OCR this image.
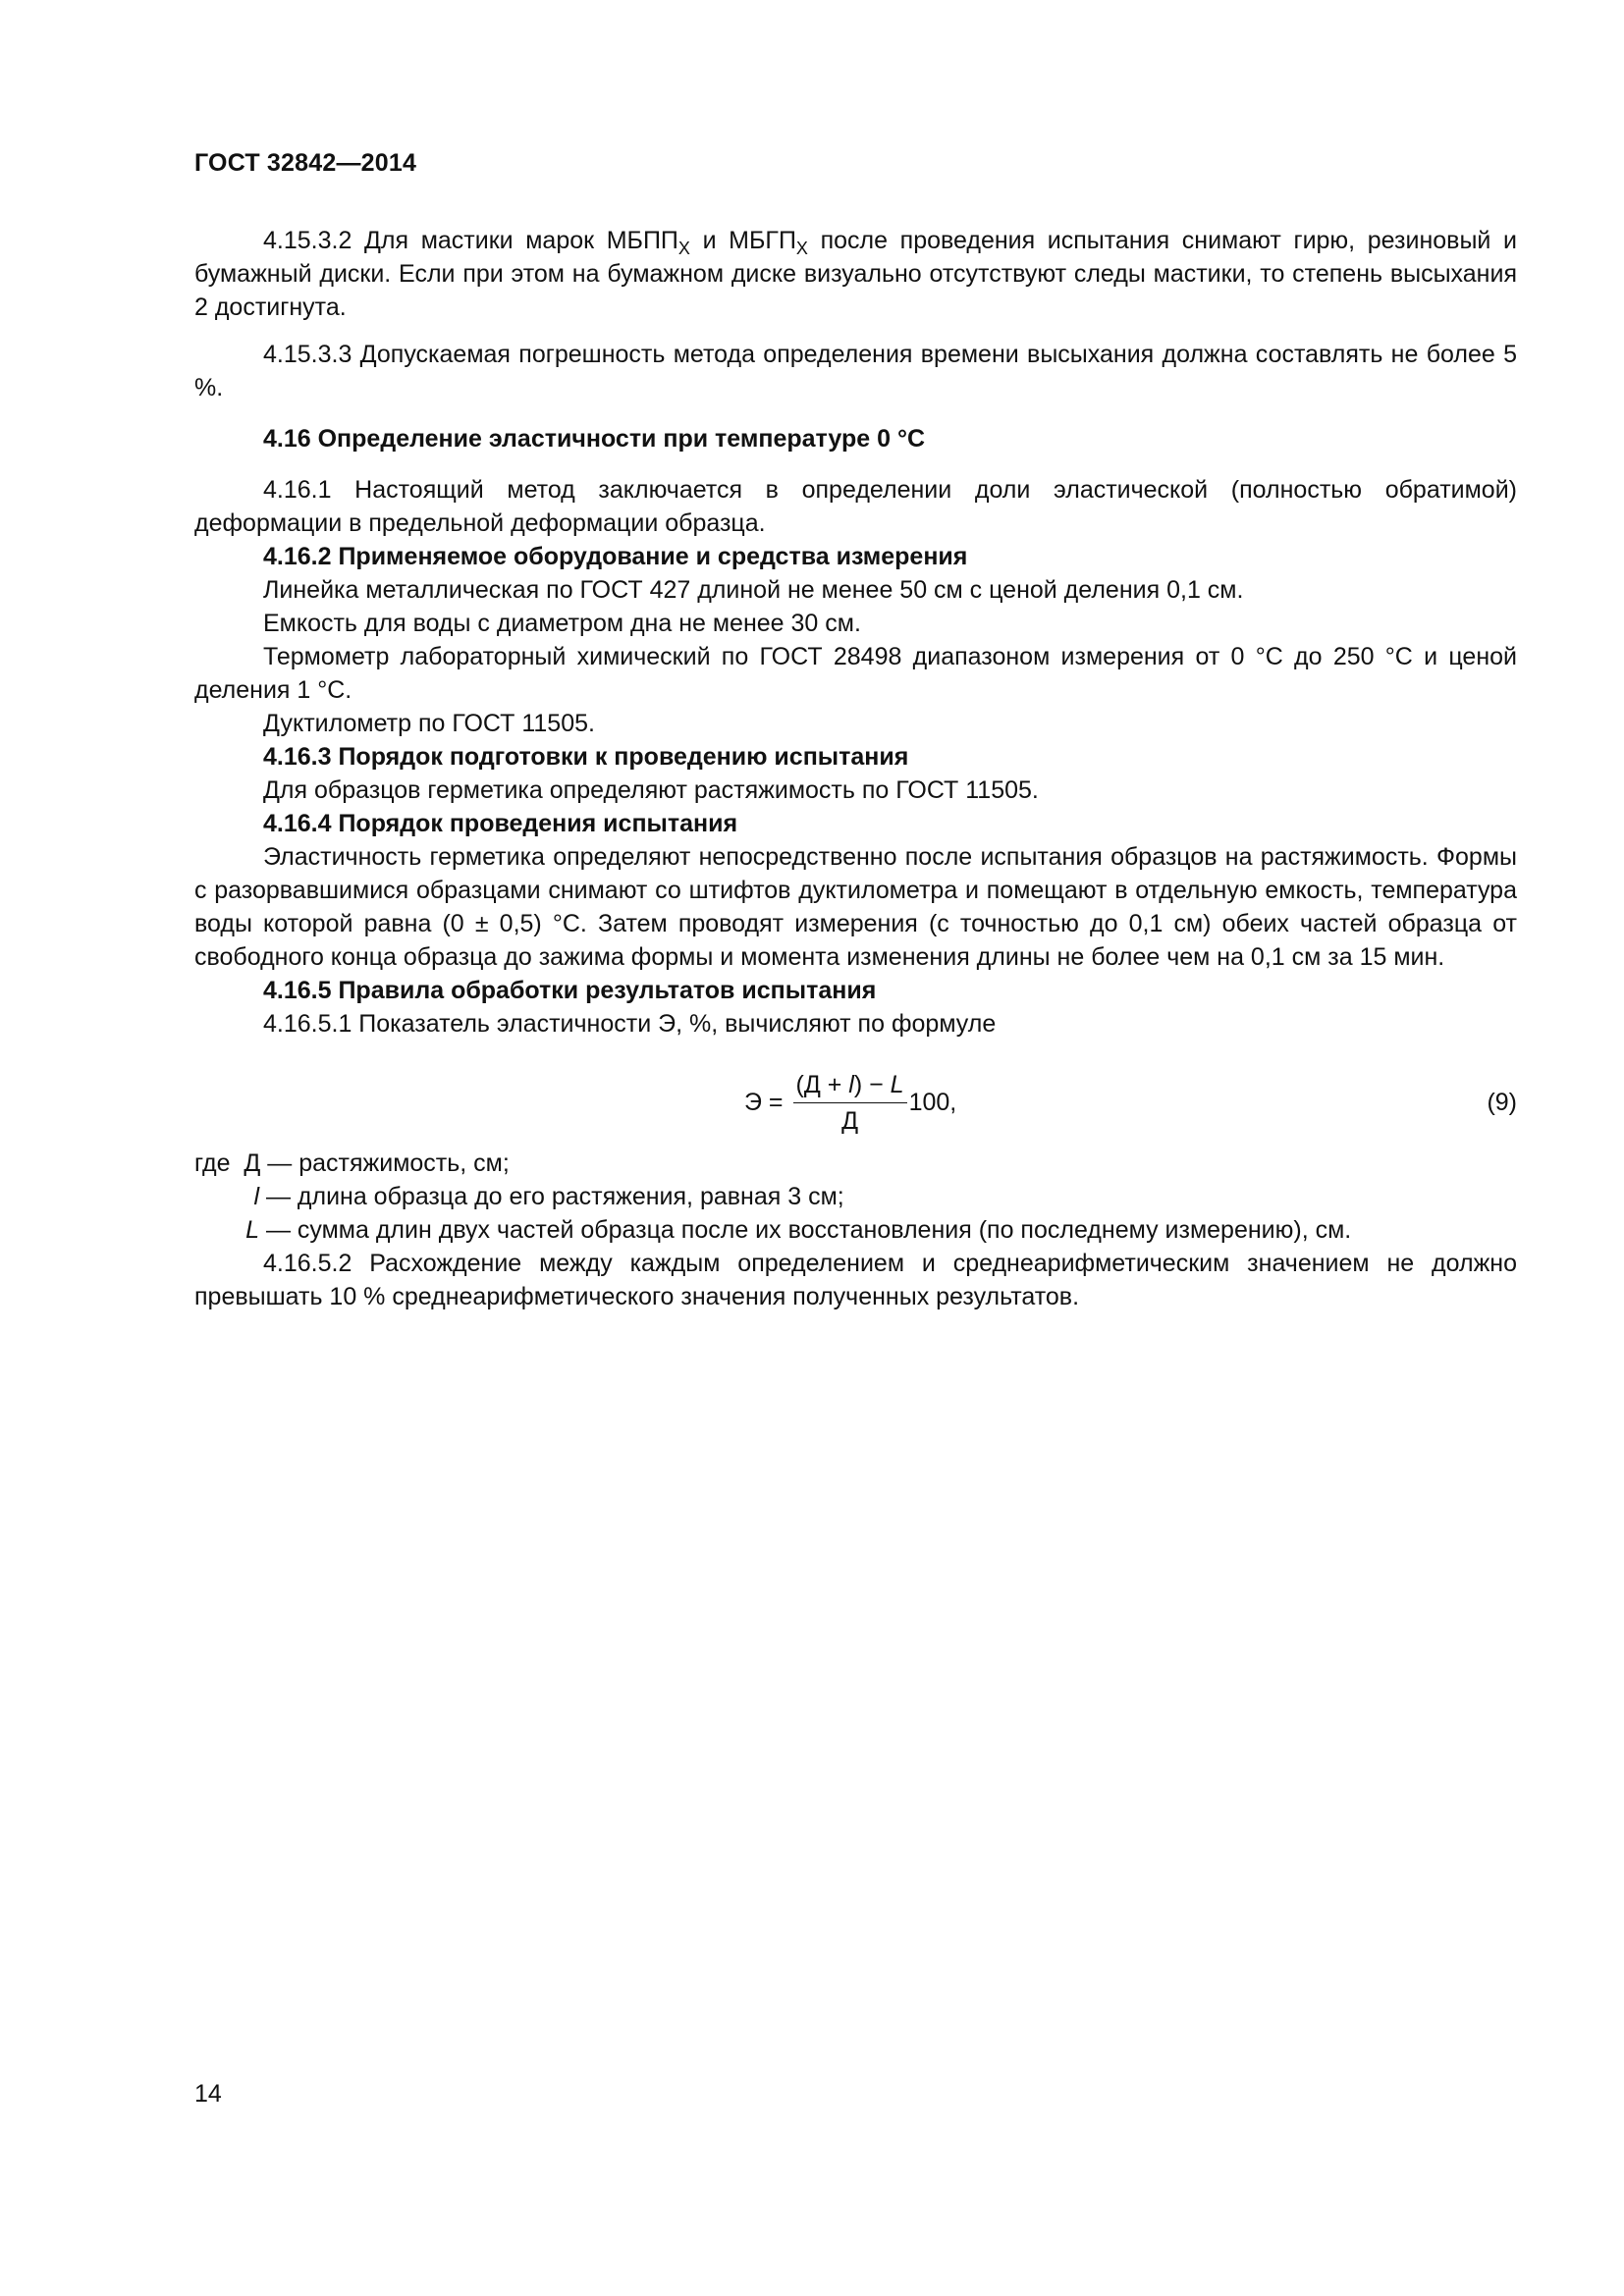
ГОСТ 32842—2014

4.15.3.2 Для мастики марок $МБПП_Х$ и $МБГП_Х$ после проведения испытания снимают гирю, резиновый и бумажный диски. Если при этом на бумажном диске визуально отсутствуют следы мастики, то степень высыхания 2 достигнута.

4.15.3.3 Допускаемая погрешность метода определения времени высыхания должна составлять не более 5 %.

4.16 Определение эластичности при температуре 0 °С

4.16.1 Настоящий метод заключается в определении доли эластической (полностью обратимой) деформации в предельной деформации образца.

4.16.2 Применяемое оборудование и средства измерения

Линейка металлическая по ГОСТ 427 длиной не менее 50 см с ценой деления 0,1 см.

Емкость для воды с диаметром дна не менее 30 см.

Термометр лабораторный химический по ГОСТ 28498 диапазоном измерения от 0 °С до 250 °С и ценой деления 1 °С.

Дуктилометр по ГОСТ 11505.

4.16.3 Порядок подготовки к проведению испытания

Для образцов герметика определяют растяжимость по ГОСТ 11505.

4.16.4 Порядок проведения испытания

Эластичность герметика определяют непосредственно после испытания образцов на растяжимость. Формы с разорвавшимися образцами снимают со штифтов дуктилометра и помещают в отдельную емкость, температура воды которой равна (0 ± 0,5) °С. Затем проводят измерения (с точностью до 0,1 см) обеих частей образца от свободного конца образца до зажима формы и момента изменения длины не более чем на 0,1 см за 15 мин.

4.16.5 Правила обработки результатов испытания

4.16.5.1 Показатель эластичности Э, %, вычисляют по формуле

$Э = \frac{(Д + l) - L}{Д} 100$,	(9)

где Д — растяжимость, см;

l — длина образца до его растяжения, равная 3 см;

L — сумма длин двух частей образца после их восстановления (по последнему измерению), см.

4.16.5.2 Расхождение между каждым определением и среднеарифметическим значением не должно превышать 10 % среднеарифметического значения полученных результатов.

14
